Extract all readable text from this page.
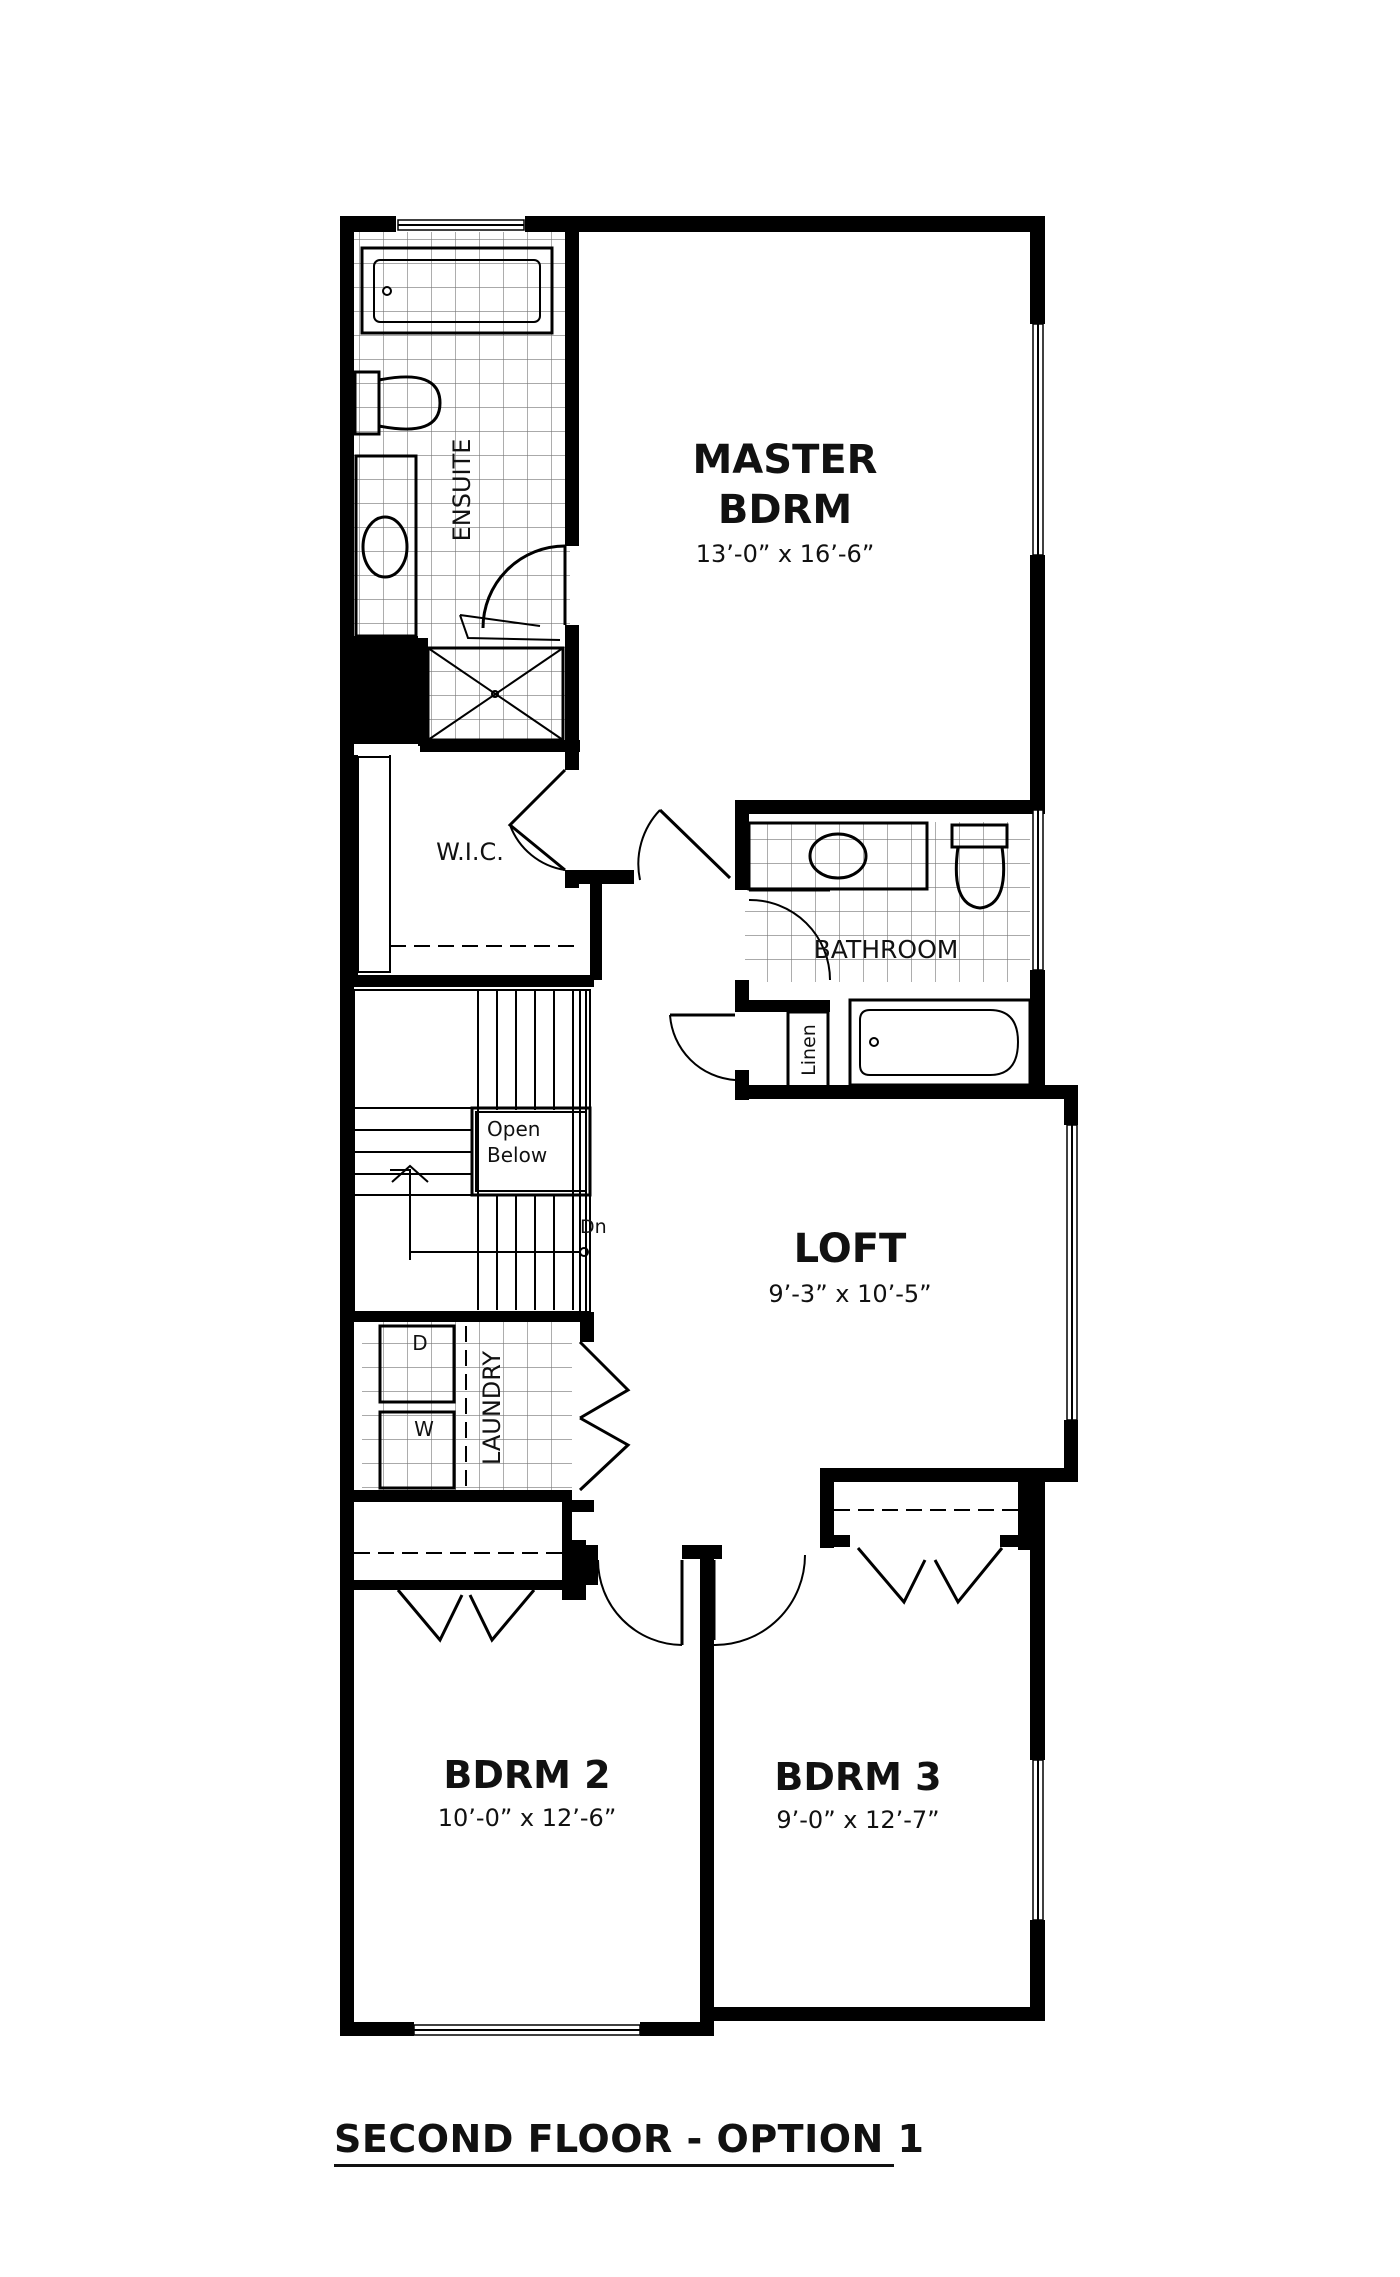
MASTER
BDRM
13’-0” x 16’-6”
ENSUITE
W.I.C.
BATHROOM
Linen
Open
Below
Dn	LOFT
9’-3” x 10’-5”
LAUNDRY
D
W
BDRM 2
10’-0” x 12’-6”
BDRM 3
9’-0” x 12’-7”
SECOND FLOOR - OPTION 1
